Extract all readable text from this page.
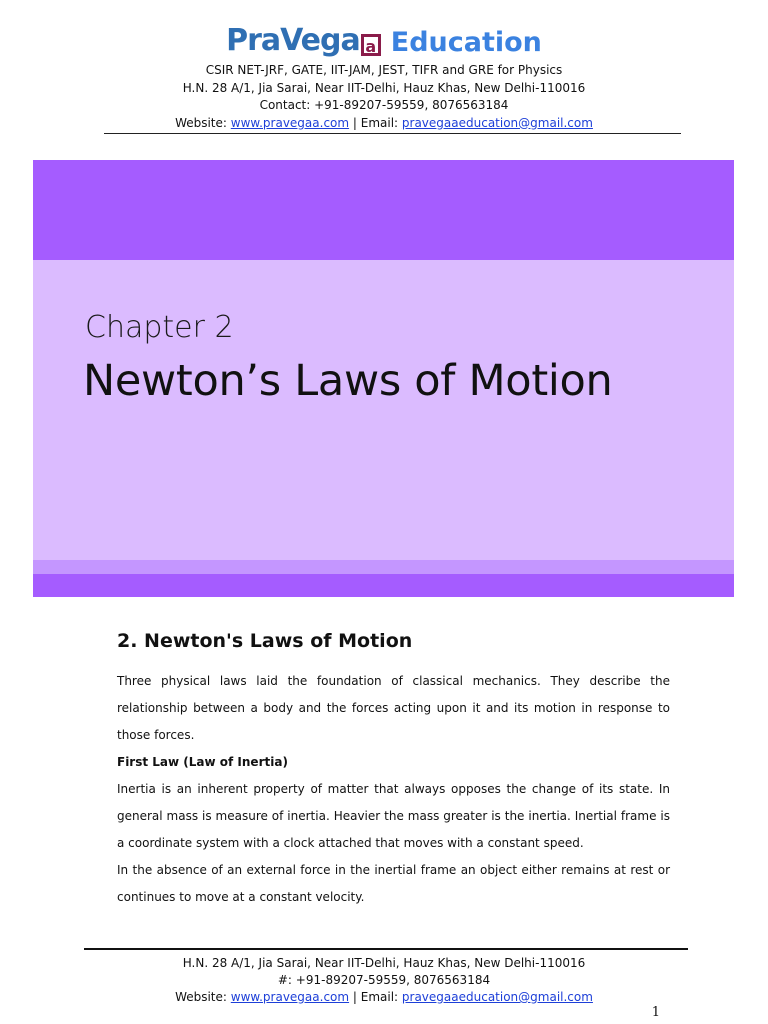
PraVega a Education
CSIR NET-JRF, GATE, IIT-JAM, JEST, TIFR and GRE for Physics
H.N. 28 A/1, Jia Sarai, Near IIT-Delhi, Hauz Khas, New Delhi-110016
Contact: +91-89207-59559, 8076563184
Website: www.pravegaa.com | Email: pravegaaeducation@gmail.com
Chapter 2
Newton’s Laws of Motion
2. Newton's Laws of Motion

Three physical laws laid the foundation of classical mechanics. They describe the relationship between a body and the forces acting upon it and its motion in response to those forces.

First Law (Law of Inertia)

Inertia is an inherent property of matter that always opposes the change of its state. In general mass is measure of inertia. Heavier the mass greater is the inertia. Inertial frame is a coordinate system with a clock attached that moves with a constant speed.

In the absence of an external force in the inertial frame an object either remains at rest or continues to move at a constant velocity.

H.N. 28 A/1, Jia Sarai, Near IIT-Delhi, Hauz Khas, New Delhi-110016
#: +91-89207-59559, 8076563184
Website: www.pravegaa.com | Email: pravegaaeducation@gmail.com
1
